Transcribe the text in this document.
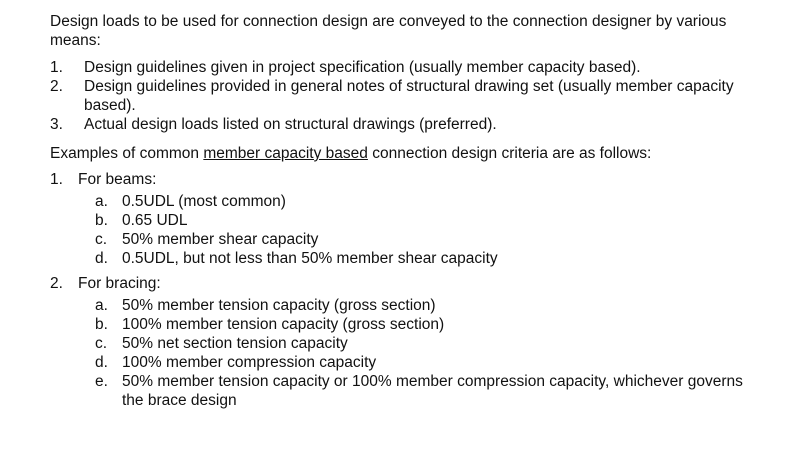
Design loads to be used for connection design are conveyed to the connection designer by various means:

1.	Design guidelines given in project specification (usually member capacity based).
2.	Design guidelines provided in general notes of structural drawing set (usually member capacity based).
3.	Actual design loads listed on structural drawings (preferred).

Examples of common member capacity based connection design criteria are as follows:

1. For beams:
a. 0.5UDL (most common)
b. 0.65 UDL
c. 50% member shear capacity
d. 0.5UDL, but not less than 50% member shear capacity
2. For bracing:
a. 50% member tension capacity (gross section)
b. 100% member tension capacity (gross section)
c. 50% net section tension capacity
d. 100% member compression capacity
e. 50% member tension capacity or 100% member compression capacity, whichever governs the brace design
